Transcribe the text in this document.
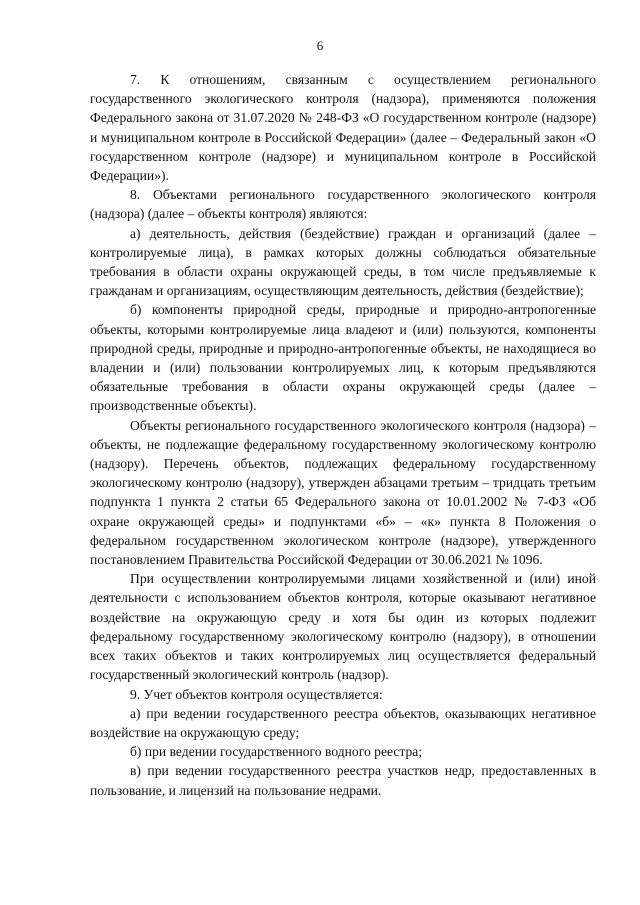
6

7. К отношениям, связанным с осуществлением регионального государственного экологического контроля (надзора), применяются положения Федерального закона от 31.07.2020 № 248-ФЗ «О государственном контроле (надзоре) и муниципальном контроле в Российской Федерации» (далее – Федеральный закон «О государственном контроле (надзоре) и муниципальном контроле в Российской Федерации»).

8. Объектами регионального государственного экологического контроля (надзора) (далее – объекты контроля) являются:

а) деятельность, действия (бездействие) граждан и организаций (далее – контролируемые лица), в рамках которых должны соблюдаться обязательные требования в области охраны окружающей среды, в том числе предъявляемые к гражданам и организациям, осуществляющим деятельность, действия (бездействие);

б) компоненты природной среды, природные и природно-антропогенные объекты, которыми контролируемые лица владеют и (или) пользуются, компоненты природной среды, природные и природно-антропогенные объекты, не находящиеся во владении и (или) пользовании контролируемых лиц, к которым предъявляются обязательные требования в области охраны окружающей среды (далее – производственные объекты).

Объекты регионального государственного экологического контроля (надзора) – объекты, не подлежащие федеральному государственному экологическому контролю (надзору). Перечень объектов, подлежащих федеральному государственному экологическому контролю (надзору), утвержден абзацами третьим – тридцать третьим подпункта 1 пункта 2 статьи 65 Федерального закона от 10.01.2002 № 7-ФЗ «Об охране окружающей среды» и подпунктами «б» – «к» пункта 8 Положения о федеральном государственном экологическом контроле (надзоре), утвержденного постановлением Правительства Российской Федерации от 30.06.2021 № 1096.

При осуществлении контролируемыми лицами хозяйственной и (или) иной деятельности с использованием объектов контроля, которые оказывают негативное воздействие на окружающую среду и хотя бы один из которых подлежит федеральному государственному экологическому контролю (надзору), в отношении всех таких объектов и таких контролируемых лиц осуществляется федеральный государственный экологический контроль (надзор).

9. Учет объектов контроля осуществляется:

а) при ведении государственного реестра объектов, оказывающих негативное воздействие на окружающую среду;

б) при ведении государственного водного реестра;

в) при ведении государственного реестра участков недр, предоставленных в пользование, и лицензий на пользование недрами.
